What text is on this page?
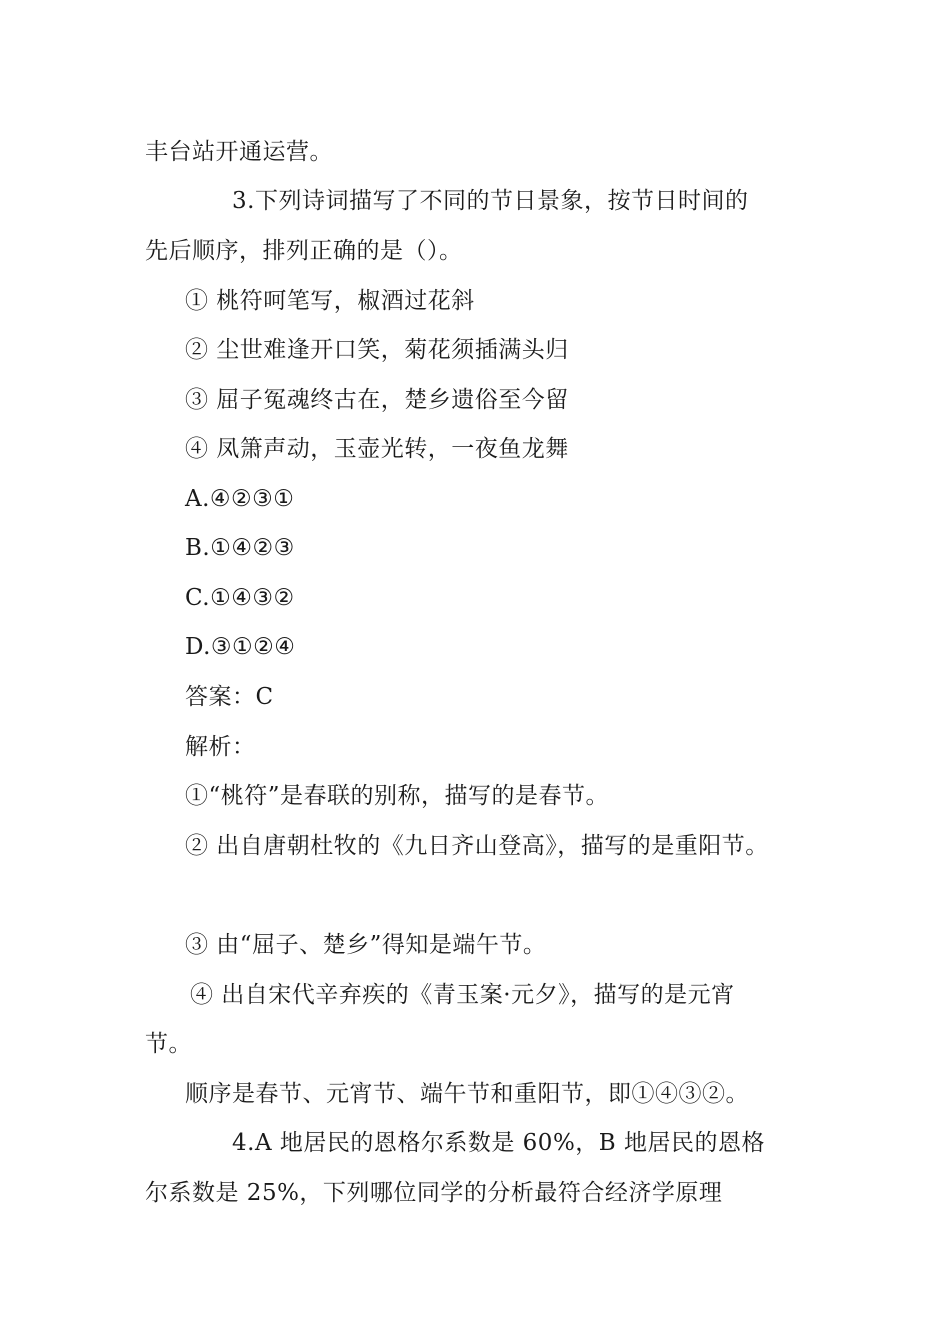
丰台站开通运营。
3.下列诗词描写了不同的节日景象，按节日时间的
先后顺序，排列正确的是（）。
① 桃符呵笔写，椒酒过花斜
② 尘世难逢开口笑，菊花须插满头归
③ 屈子冤魂终古在，楚乡遗俗至今留
④ 凤箫声动，玉壶光转，一夜鱼龙舞
A.④②③①
B.①④②③
C.①④③②
D.③①②④
答案：C
解析：
①“桃符”是春联的别称，描写的是春节。
② 出自唐朝杜牧的《九日齐山登高》，描写的是重阳节。
③ 由“屈子、楚乡”得知是端午节。
④ 出自宋代辛弃疾的《青玉案·元夕》，描写的是元宵
节。
顺序是春节、元宵节、端午节和重阳节，即①④③②。
4.A 地居民的恩格尔系数是 60%，B 地居民的恩格
尔系数是 25%，下列哪位同学的分析最符合经济学原理
